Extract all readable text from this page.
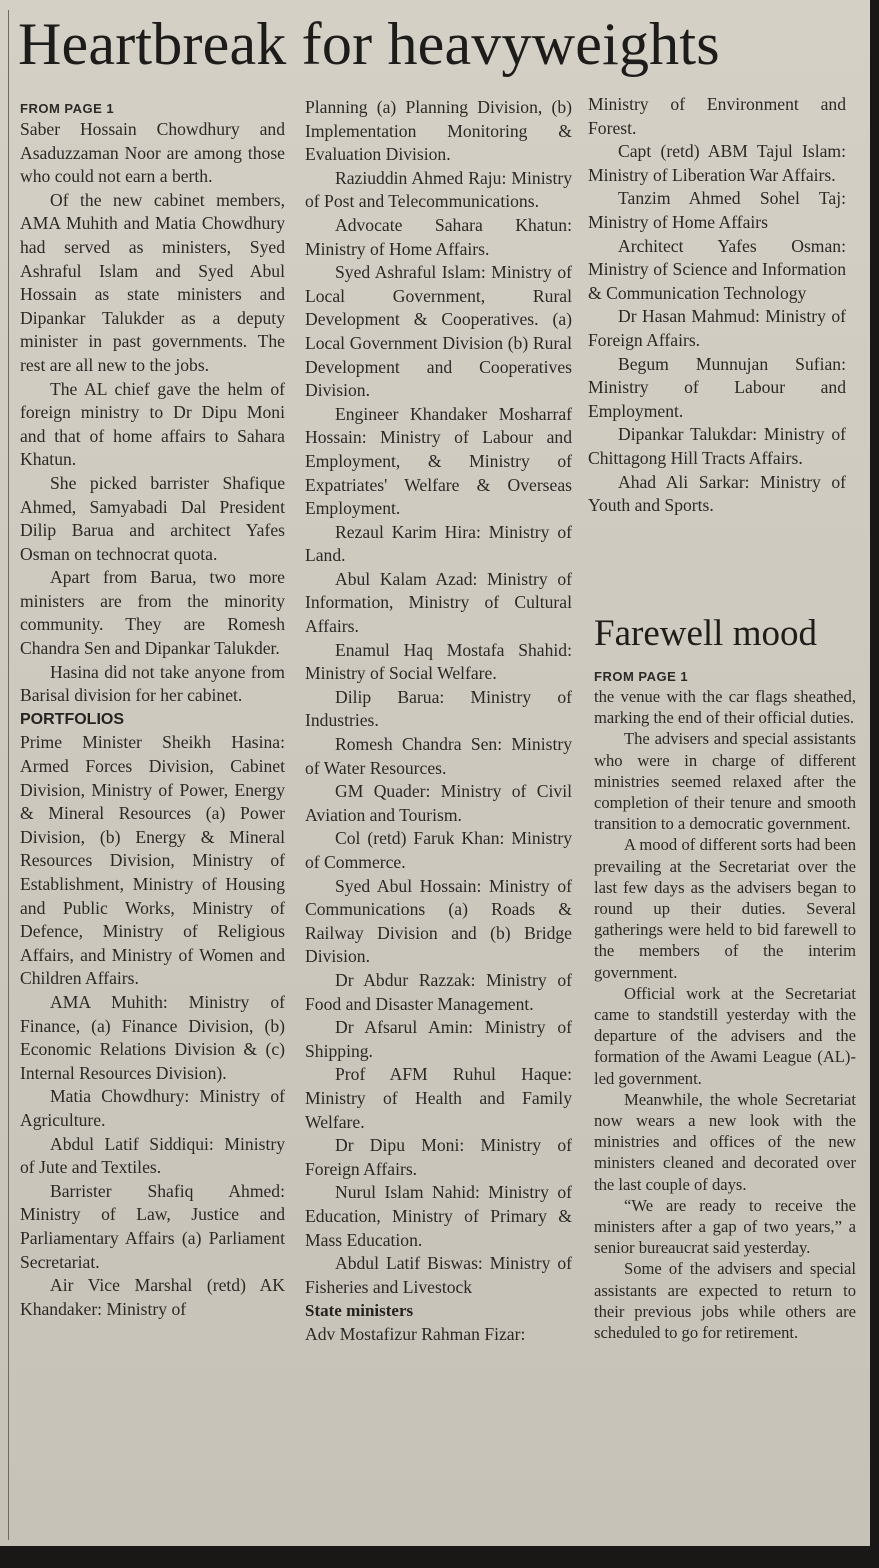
Heartbreak for heavyweights

FROM PAGE 1

Saber Hossain Chowdhury and Asaduzzaman Noor are among those who could not earn a berth.

Of the new cabinet members, AMA Muhith and Matia Chowdhury had served as ministers, Syed Ashraful Islam and Syed Abul Hossain as state ministers and Dipankar Talukder as a deputy minister in past governments. The rest are all new to the jobs.

The AL chief gave the helm of foreign ministry to Dr Dipu Moni and that of home affairs to Sahara Khatun.

She picked barrister Shafique Ahmed, Samyabadi Dal President Dilip Barua and architect Yafes Osman on technocrat quota.

Apart from Barua, two more ministers are from the minority community. They are Romesh Chandra Sen and Dipankar Talukder.

Hasina did not take anyone from Barisal division for her cabinet.

PORTFOLIOS

Prime Minister Sheikh Hasina: Armed Forces Division, Cabinet Division, Ministry of Power, Energy & Mineral Resources (a) Power Division, (b) Energy & Mineral Resources Division, Ministry of Establishment, Ministry of Housing and Public Works, Ministry of Defence, Ministry of Religious Affairs, and Ministry of Women and Children Affairs.

AMA Muhith: Ministry of Finance, (a) Finance Division, (b) Economic Relations Division & (c) Internal Resources Division).

Matia Chowdhury: Ministry of Agriculture.

Abdul Latif Siddiqui: Ministry of Jute and Textiles.

Barrister Shafiq Ahmed: Ministry of Law, Justice and Parliamentary Affairs (a) Parliament Secretariat.

Air Vice Marshal (retd) AK Khandaker: Ministry of

Planning (a) Planning Division, (b) Implementation Monitoring & Evaluation Division.

Raziuddin Ahmed Raju: Ministry of Post and Telecommunications.

Advocate Sahara Khatun: Ministry of Home Affairs.

Syed Ashraful Islam: Ministry of Local Government, Rural Development & Cooperatives. (a) Local Government Division (b) Rural Development and Cooperatives Division.

Engineer Khandaker Mosharraf Hossain: Ministry of Labour and Employment, & Ministry of Expatriates' Welfare & Overseas Employment.

Rezaul Karim Hira: Ministry of Land.

Abul Kalam Azad: Ministry of Information, Ministry of Cultural Affairs.

Enamul Haq Mostafa Shahid: Ministry of Social Welfare.

Dilip Barua: Ministry of Industries.

Romesh Chandra Sen: Ministry of Water Resources.

GM Quader: Ministry of Civil Aviation and Tourism.

Col (retd) Faruk Khan: Ministry of Commerce.

Syed Abul Hossain: Ministry of Communications (a) Roads & Railway Division and (b) Bridge Division.

Dr Abdur Razzak: Ministry of Food and Disaster Management.

Dr Afsarul Amin: Ministry of Shipping.

Prof AFM Ruhul Haque: Ministry of Health and Family Welfare.

Dr Dipu Moni: Ministry of Foreign Affairs.

Nurul Islam Nahid: Ministry of Education, Ministry of Primary & Mass Education.

Abdul Latif Biswas: Ministry of Fisheries and Livestock

State ministers

Adv Mostafizur Rahman Fizar:

Ministry of Environment and Forest.

Capt (retd) ABM Tajul Islam: Ministry of Liberation War Affairs.

Tanzim Ahmed Sohel Taj: Ministry of Home Affairs

Architect Yafes Osman: Ministry of Science and Information & Communication Technology

Dr Hasan Mahmud: Ministry of Foreign Affairs.

Begum Munnujan Sufian: Ministry of Labour and Employment.

Dipankar Talukdar: Ministry of Chittagong Hill Tracts Affairs.

Ahad Ali Sarkar: Ministry of Youth and Sports.

Farewell mood

FROM PAGE 1

the venue with the car flags sheathed, marking the end of their official duties.

The advisers and special assistants who were in charge of different ministries seemed relaxed after the completion of their tenure and smooth transition to a democratic government.

A mood of different sorts had been prevailing at the Secretariat over the last few days as the advisers began to round up their duties. Several gatherings were held to bid farewell to the members of the interim government.

Official work at the Secretariat came to standstill yesterday with the departure of the advisers and the formation of the Awami League (AL)-led government.

Meanwhile, the whole Secretariat now wears a new look with the ministries and offices of the new ministers cleaned and decorated over the last couple of days.

“We are ready to receive the ministers after a gap of two years,” a senior bureaucrat said yesterday.

Some of the advisers and special assistants are expected to return to their previous jobs while others are scheduled to go for retirement.
